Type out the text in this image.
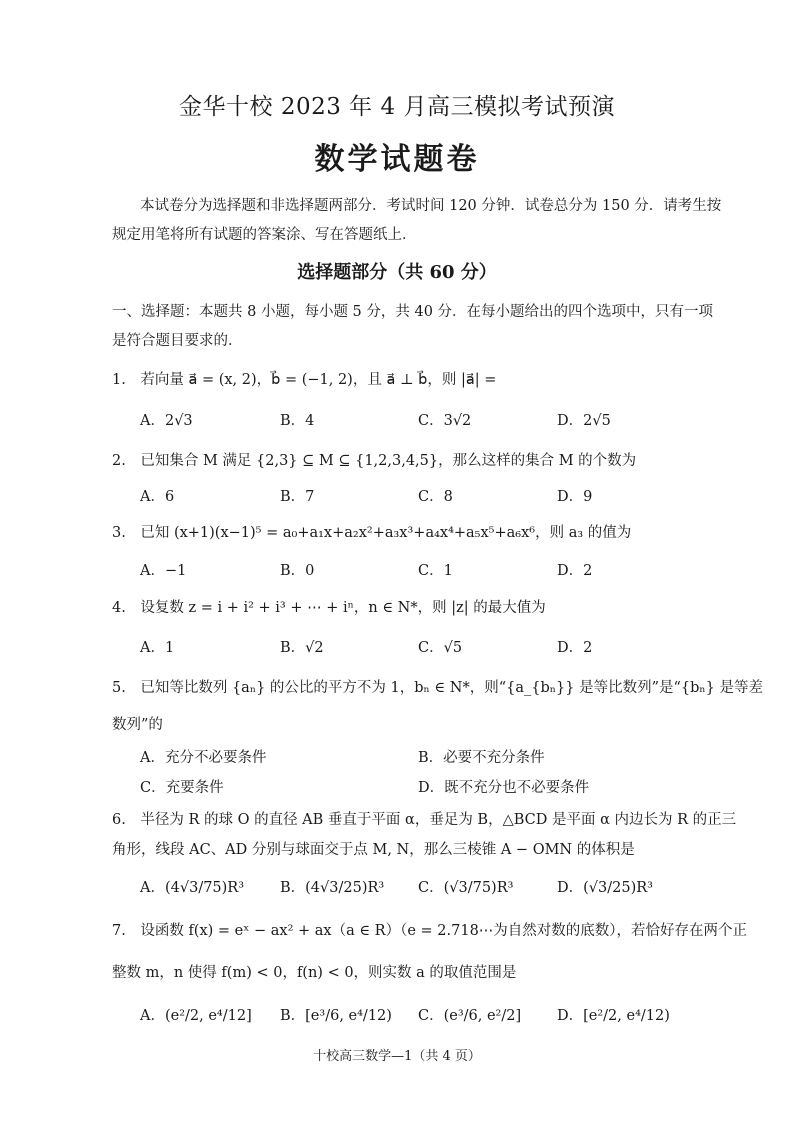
金华十校 2023 年 4 月高三模拟考试预演
数学试题卷
本试卷分为选择题和非选择题两部分．考试时间 120 分钟．试卷总分为 150 分．请考生按
规定用笔将所有试题的答案涂、写在答题纸上．
选择题部分（共 60 分）
一、选择题：本题共 8 小题，每小题 5 分，共 40 分．在每小题给出的四个选项中，只有一项
是符合题目要求的．
1.　若向量 a⃗ = (x, 2)，b⃗ = (−1, 2)，且 a⃗ ⊥ b⃗，则 |a⃗| =
A．2√3	B．4	C．3√2	D．2√5
2.　已知集合 M 满足 {2,3} ⊆ M ⊆ {1,2,3,4,5}，那么这样的集合 M 的个数为
A．6	B．7	C．8	D．9
3.　已知 (x+1)(x−1)⁵ = a₀+a₁x+a₂x²+a₃x³+a₄x⁴+a₅x⁵+a₆x⁶，则 a₃ 的值为
A．−1	B．0	C．1	D．2
4.　设复数 z = i + i² + i³ + ⋯ + iⁿ，n ∈ N*，则 |z| 的最大值为
A．1	B．√2	C．√5	D．2
5.　已知等比数列 {aₙ} 的公比的平方不为 1，bₙ ∈ N*，则“{a_{bₙ}} 是等比数列”是“{bₙ} 是等差
数列”的
A．充分不必要条件	B．必要不充分条件
C．充要条件	D．既不充分也不必要条件
6.　半径为 R 的球 O 的直径 AB 垂直于平面 α，垂足为 B，△BCD 是平面 α 内边长为 R 的正三
角形，线段 AC、AD 分别与球面交于点 M, N，那么三棱锥 A − OMN 的体积是
A．(4√3/75)R³ B．(4√3/25)R³ C．(√3/75)R³	D．(√3/25)R³
7.　设函数 f(x) = eˣ − ax² + ax（a ∈ R）（e = 2.718⋯为自然对数的底数），若恰好存在两个正
整数 m，n 使得 f(m) < 0，f(n) < 0，则实数 a 的取值范围是
A．(e²/2, e⁴/12] B．[e³/6, e⁴/12) C．(e³/6, e²/2] D．[e²/2, e⁴/12)
十校高三数学—1（共 4 页）
